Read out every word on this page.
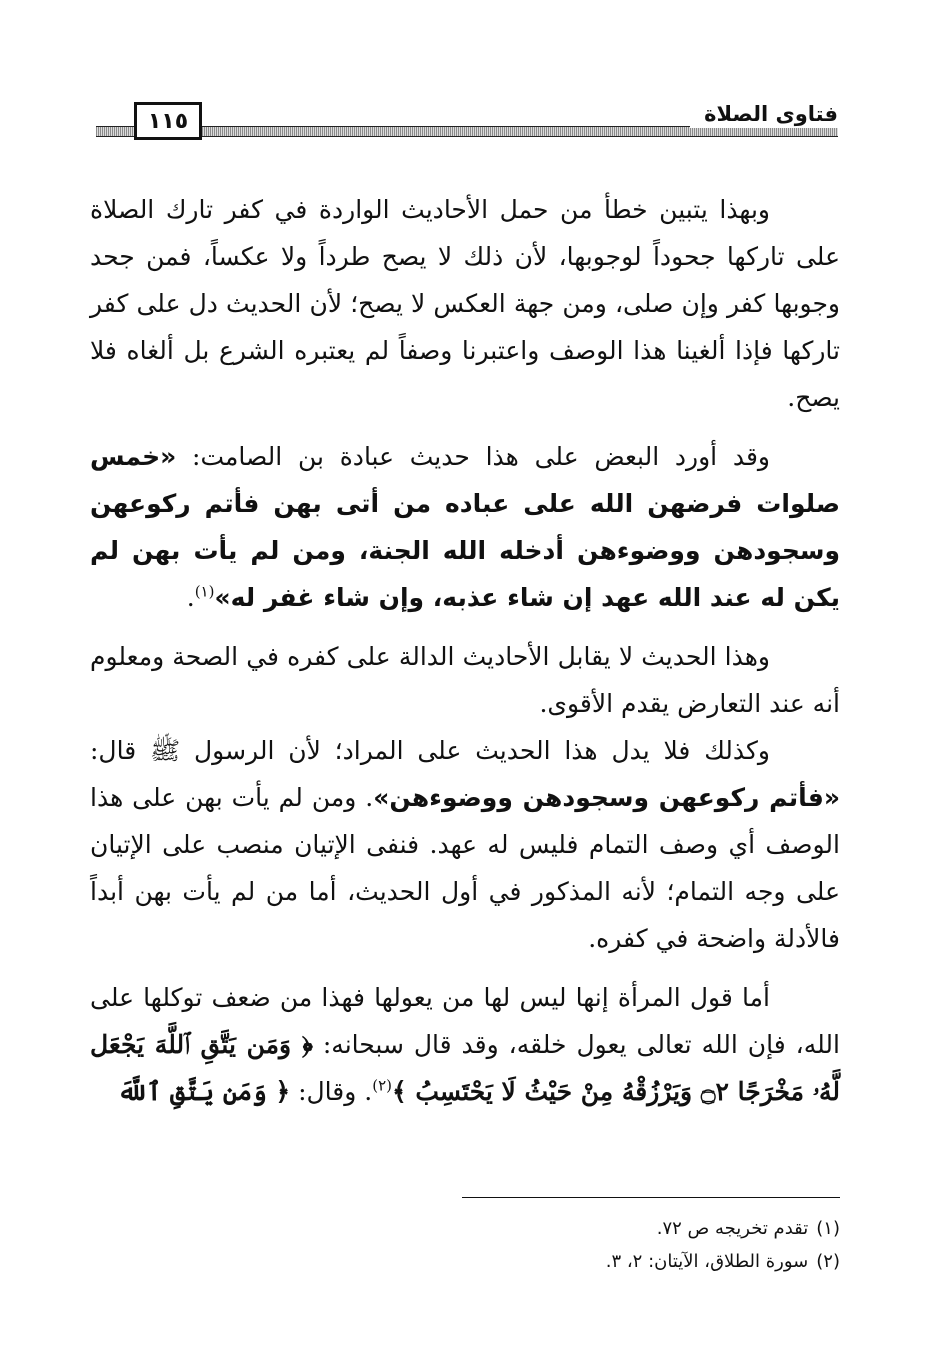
١١٥	فتاوى الصلاة

وبهذا يتبين خطأ من حمل الأحاديث الواردة في كفر تارك الصلاة على تاركها جحوداً لوجوبها، لأن ذلك لا يصح طرداً ولا عكساً، فمن جحد وجوبها كفر وإن صلى، ومن جهة العكس لا يصح؛ لأن الحديث دل على كفر تاركها فإذا ألغينا هذا الوصف واعتبرنا وصفاً لم يعتبره الشرع بل ألغاه فلا يصح.

وقد أورد البعض على هذا حديث عبادة بن الصامت: «خمس صلوات فرضهن الله على عباده من أتى بهن فأتم ركوعهن وسجودهن ووضوءهن أدخله الله الجنة، ومن لم يأت بهن لم يكن له عند الله عهد إن شاء عذبه، وإن شاء غفر له»$^{(١)}$.

وهذا الحديث لا يقابل الأحاديث الدالة على كفره في الصحة ومعلوم أنه عند التعارض يقدم الأقوى.

وكذلك فلا يدل هذا الحديث على المراد؛ لأن الرسول ﷺ قال: «فأتم ركوعهن وسجودهن ووضوءهن». ومن لم يأت بهن على هذا الوصف أي وصف التمام فليس له عهد. فنفى الإتيان منصب على الإتيان على وجه التمام؛ لأنه المذكور في أول الحديث، أما من لم يأت بهن أبداً فالأدلة واضحة في كفره.

أما قول المرأة إنها ليس لها من يعولها فهذا من ضعف توكلها على الله، فإن الله تعالى يعول خلقه، وقد قال سبحانه: ﴿ وَمَن يَتَّقِ ٱللَّهَ يَجْعَل لَّهُۥ مَخْرَجًا ۝٢ وَيَرْزُقْهُ مِنْ حَيْثُ لَا يَحْتَسِبُ ﴾$^{(٢)}$. وقال: ﴿ وَمَن يَتَّقِ ٱللَّهَ

(١)تقدم تخريجه ص ٧٢.

(٢)سورة الطلاق، الآيتان: ٢، ٣.
